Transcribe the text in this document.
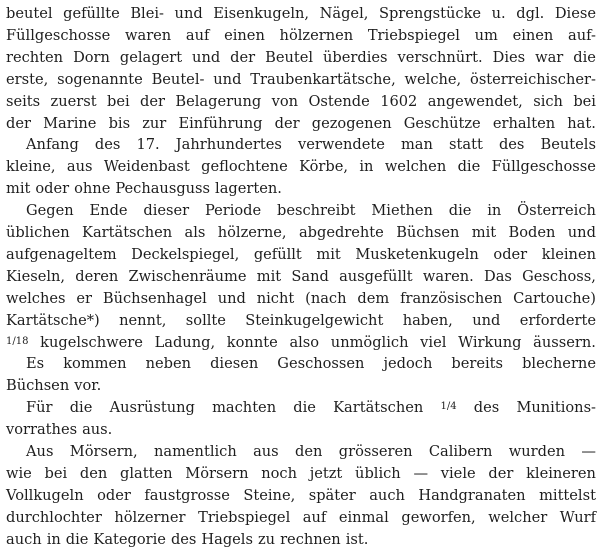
beutel gefüllte Blei- und Eisenkugeln, Nägel, Sprengstücke u. dgl. Diese
Füllgeschosse waren auf einen hölzernen Triebspiegel um einen auf-
rechten Dorn gelagert und der Beutel überdies verschnürt. Dies war die
erste, sogenannte Beutel- und Traubenkartätsche, welche, österreichischer-
seits zuerst bei der Belagerung von Ostende 1602 angewendet, sich bei
der Marine bis zur Einführung der gezogenen Geschütze erhalten hat.
Anfang des 17. Jahrhundertes verwendete man statt des Beutels
kleine, aus Weidenbast geflochtene Körbe, in welchen die Füllgeschosse
mit oder ohne Pechausguss lagerten.
Gegen Ende dieser Periode beschreibt Miethen die in Österreich
üblichen Kartätschen als hölzerne, abgedrehte Büchsen mit Boden und
aufgenageltem Deckelspiegel, gefüllt mit Musketenkugeln oder kleinen
Kieseln, deren Zwischenräume mit Sand ausgefüllt waren. Das Geschoss,
welches er Büchsenhagel und nicht (nach dem französischen Cartouche)
Kartätsche*) nennt, sollte Steinkugelgewicht haben, und erforderte
1/18 kugelschwere Ladung, konnte also unmöglich viel Wirkung äussern.
Es kommen neben diesen Geschossen jedoch bereits blecherne
Büchsen vor.
Für die Ausrüstung machten die Kartätschen 1/4 des Munitions-
vorrathes aus.
Aus Mörsern, namentlich aus den grösseren Calibern wurden —
wie bei den glatten Mörsern noch jetzt üblich — viele der kleineren
Vollkugeln oder faustgrosse Steine, später auch Handgranaten mittelst
durchlochter hölzerner Triebspiegel auf einmal geworfen, welcher Wurf
auch in die Kategorie des Hagels zu rechnen ist.
